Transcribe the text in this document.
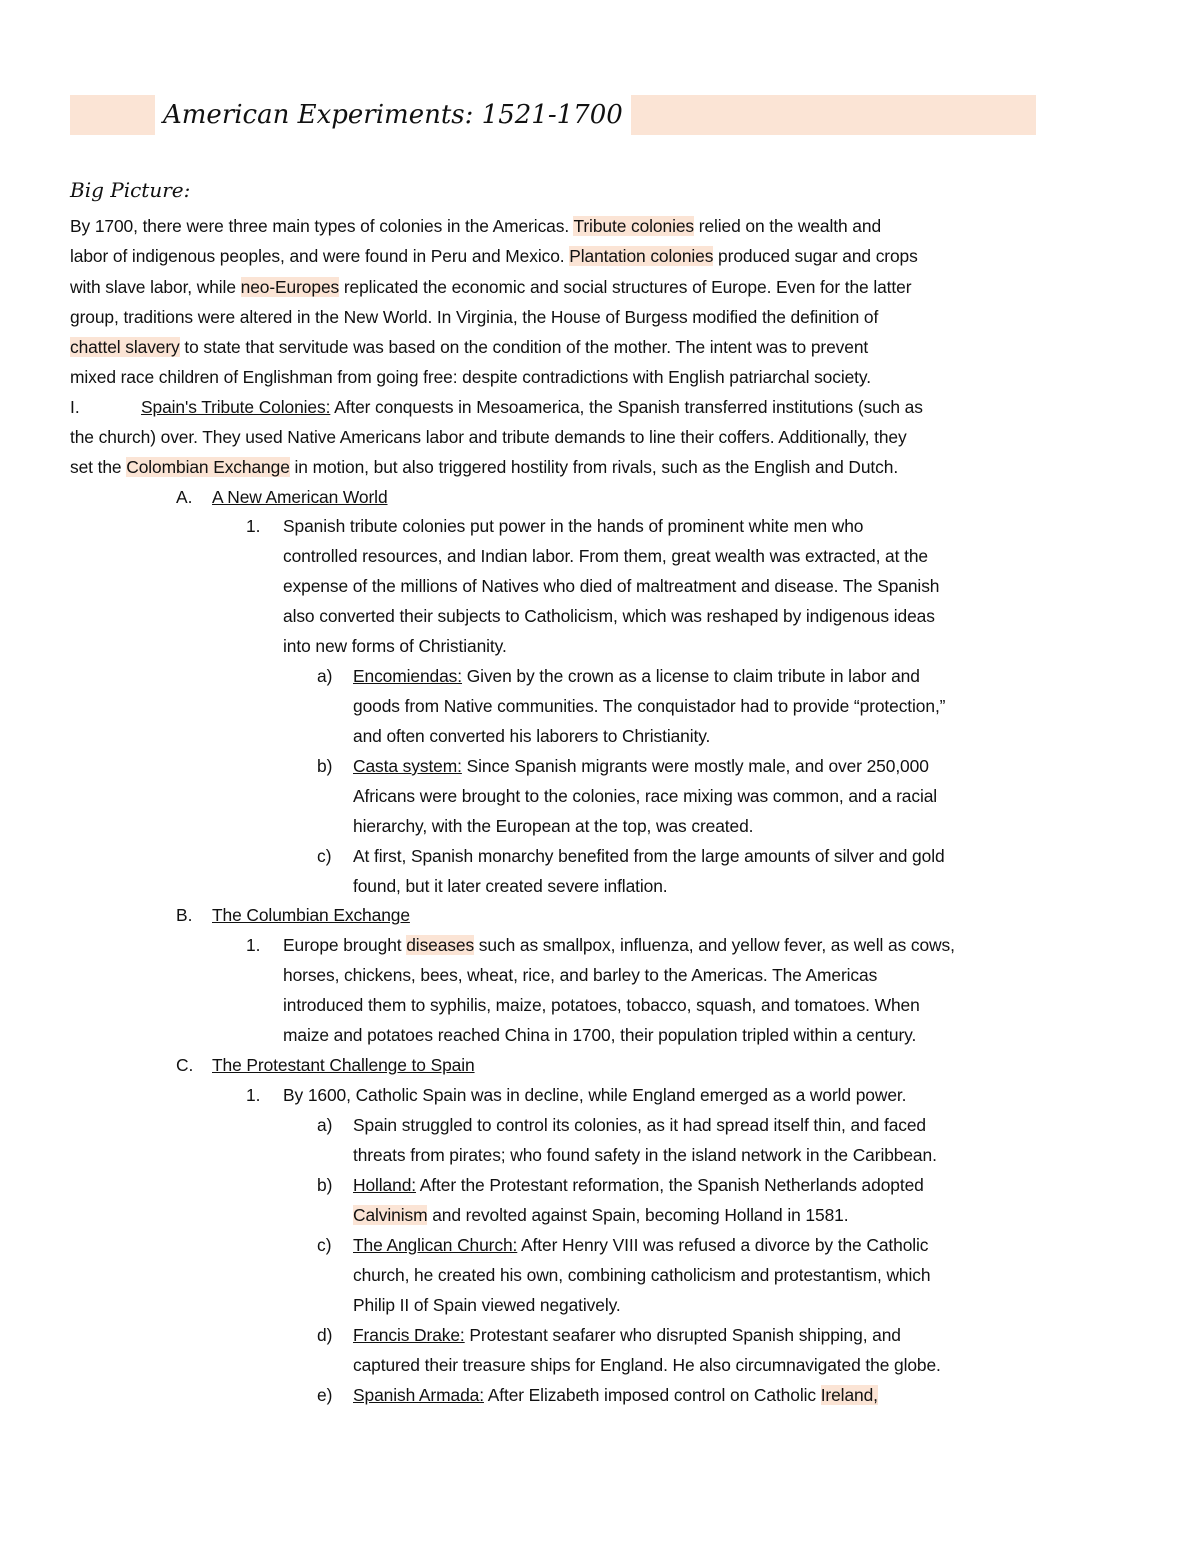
American Experiments: 1521-1700
Big Picture:
By 1700, there were three main types of colonies in the Americas. Tribute colonies relied on the wealth and
labor of indigenous peoples, and were found in Peru and Mexico. Plantation colonies produced sugar and crops
with slave labor, while neo-Europes replicated the economic and social structures of Europe. Even for the latter
group, traditions were altered in the New World. In Virginia, the House of Burgess modified the definition of
chattel slavery to state that servitude was based on the condition of the mother. The intent was to prevent
mixed race children of Englishman from going free: despite contradictions with English patriarchal society.
I.	Spain's Tribute Colonies: After conquests in Mesoamerica, the Spanish transferred institutions (such as
the church) over. They used Native Americans labor and tribute demands to line their coffers. Additionally, they
set the Colombian Exchange in motion, but also triggered hostility from rivals, such as the English and Dutch.
A. A New American World
1. Spanish tribute colonies put power in the hands of prominent white men who
controlled resources, and Indian labor. From them, great wealth was extracted, at the
expense of the millions of Natives who died of maltreatment and disease. The Spanish
also converted their subjects to Catholicism, which was reshaped by indigenous ideas
into new forms of Christianity.
a) Encomiendas: Given by the crown as a license to claim tribute in labor and
goods from Native communities. The conquistador had to provide “protection,”
and often converted his laborers to Christianity.
b) Casta system: Since Spanish migrants were mostly male, and over 250,000
Africans were brought to the colonies, race mixing was common, and a racial
hierarchy, with the European at the top, was created.
c) At first, Spanish monarchy benefited from the large amounts of silver and gold
found, but it later created severe inflation.
B. The Columbian Exchange
1. Europe brought diseases such as smallpox, influenza, and yellow fever, as well as cows,
horses, chickens, bees, wheat, rice, and barley to the Americas. The Americas
introduced them to syphilis, maize, potatoes, tobacco, squash, and tomatoes. When
maize and potatoes reached China in 1700, their population tripled within a century.
C. The Protestant Challenge to Spain
1. By 1600, Catholic Spain was in decline, while England emerged as a world power.
a) Spain struggled to control its colonies, as it had spread itself thin, and faced
threats from pirates; who found safety in the island network in the Caribbean.
b) Holland: After the Protestant reformation, the Spanish Netherlands adopted
Calvinism and revolted against Spain, becoming Holland in 1581.
c) The Anglican Church: After Henry VIII was refused a divorce by the Catholic
church, he created his own, combining catholicism and protestantism, which
Philip II of Spain viewed negatively.
d) Francis Drake: Protestant seafarer who disrupted Spanish shipping, and
captured their treasure ships for England. He also circumnavigated the globe.
e) Spanish Armada: After Elizabeth imposed control on Catholic Ireland,
